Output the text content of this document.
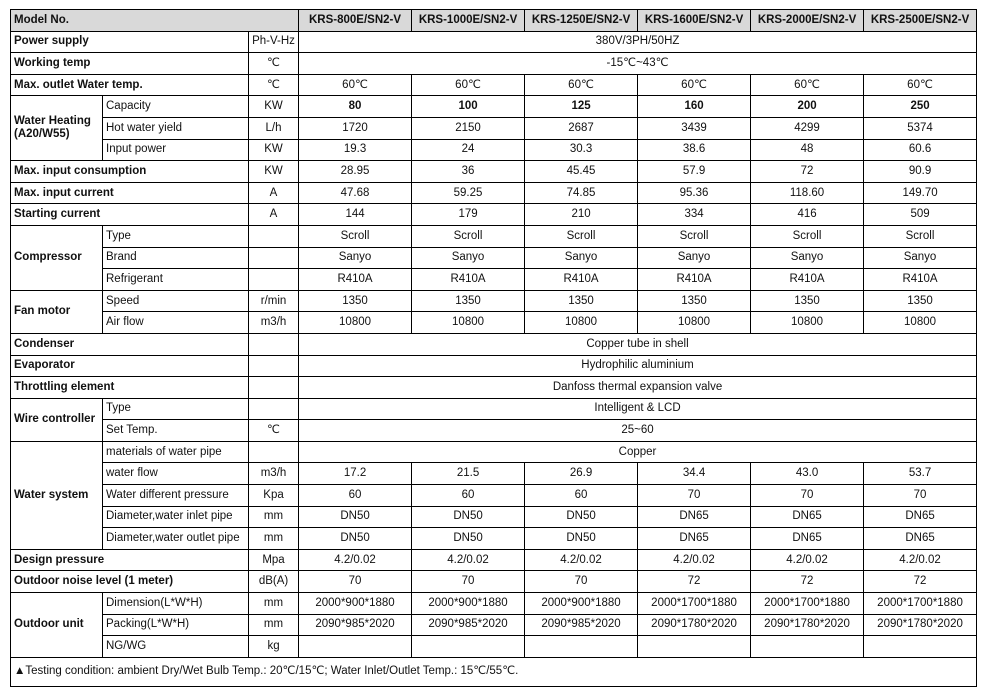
Model No.			KRS-800E/SN2-V	KRS-1000E/SN2-V	KRS-1250E/SN2-V	KRS-1600E/SN2-V	KRS-2000E/SN2-V	KRS-2500E/SN2-V
Power supply		Ph-V-Hz	380V/3PH/50HZ					
Working temp		℃	-15℃~43℃					
Max. outlet Water temp.		℃	60℃	60℃	60℃	60℃	60℃	60℃
Water Heating (A20/W55)	Capacity	KW	80	100	125	160	200	250
	Hot water yield	L/h	1720	2150	2687	3439	4299	5374
	Input power	KW	19.3	24	30.3	38.6	48	60.6
Max. input consumption		KW	28.95	36	45.45	57.9	72	90.9
Max. input current		A	47.68	59.25	74.85	95.36	118.60	149.70
Starting current		A	144	179	210	334	416	509
Compressor	Type		Scroll	Scroll	Scroll	Scroll	Scroll	Scroll
	Brand		Sanyo	Sanyo	Sanyo	Sanyo	Sanyo	Sanyo
	Refrigerant		R410A	R410A	R410A	R410A	R410A	R410A
Fan motor	Speed	r/min	1350	1350	1350	1350	1350	1350
	Air flow	m3/h	10800	10800	10800	10800	10800	10800
Condenser			Copper tube in shell					
Evaporator			Hydrophilic aluminium					
Throttling element			Danfoss thermal expansion valve					
Wire controller	Type		Intelligent & LCD					
	Set Temp.	℃	25~60					
Water system	materials of water pipe		Copper					
	water flow	m3/h	17.2	21.5	26.9	34.4	43.0	53.7
	Water different pressure	Kpa	60	60	60	70	70	70
	Diameter,water inlet pipe	mm	DN50	DN50	DN50	DN65	DN65	DN65
	Diameter,water outlet pipe	mm	DN50	DN50	DN50	DN65	DN65	DN65
Design pressure		Mpa	4.2/0.02	4.2/0.02	4.2/0.02	4.2/0.02	4.2/0.02	4.2/0.02
Outdoor noise level (1 meter)		dB(A)	70	70	70	72	72	72
Outdoor unit	Dimension(L*W*H)	mm	2000*900*1880	2000*900*1880	2000*900*1880	2000*1700*1880	2000*1700*1880	2000*1700*1880
	Packing(L*W*H)	mm	2090*985*2020	2090*985*2020	2090*985*2020	2090*1780*2020	2090*1780*2020	2090*1780*2020
	NG/WG	kg						
▲Testing condition: ambient Dry/Wet Bulb Temp.: 20℃/15℃; Water Inlet/Outlet Temp.: 15℃/55℃.								
